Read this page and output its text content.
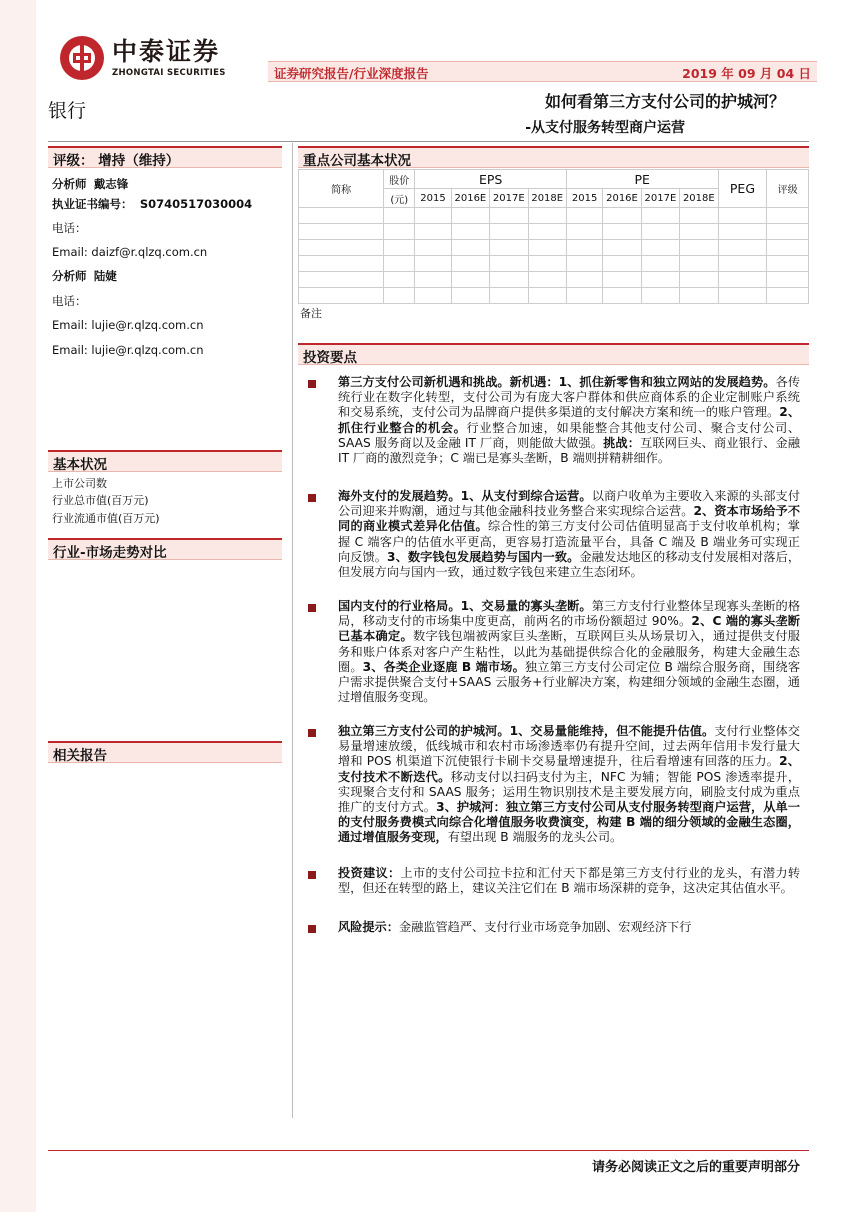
中泰证券
ZHONGTAI SECURITIES	证券研究报告/行业深度报告	2019 年 09 月 04 日
银行	如何看第三方支付公司的护城河？
-从支付服务转型商户运营
评级： 增持（维持）
分析师 戴志锋
执业证书编号： S0740517030004
电话：
Email: daizf@r.qlzq.com.cn
分析师 陆婕
电话：
Email: lujie@r.qlzq.com.cn
Email: lujie@r.qlzq.com.cn
基本状况
上市公司数
行业总市值(百万元)
行业流通市值(百万元)
行业-市场走势对比
相关报告
重点公司基本状况
简称	股价	EPS				PE				PEG	评级
	(元)	2015	2016E	2017E	2018E	2015	2016E	2017E	2018E		

备注
投资要点
第三方支付公司新机遇和挑战。新机遇：1、抓住新零售和独立网站的发展趋势。各传统行业在数字化转型，支付公司为有庞大客户群体和供应商体系的企业定制账户系统和交易系统，支付公司为品牌商户提供多渠道的支付解决方案和统一的账户管理。2、抓住行业整合的机会。行业整合加速，如果能整合其他支付公司、聚合支付公司、SAAS 服务商以及金融 IT 厂商，则能做大做强。挑战：互联网巨头、商业银行、金融 IT 厂商的激烈竞争；C 端已是寡头垄断，B 端则拼精耕细作。
海外支付的发展趋势。1、从支付到综合运营。以商户收单为主要收入来源的头部支付公司迎来并购潮，通过与其他金融科技业务整合来实现综合运营。2、资本市场给予不同的商业模式差异化估值。综合性的第三方支付公司估值明显高于支付收单机构；掌握 C 端客户的估值水平更高，更容易打造流量平台，具备 C 端及 B 端业务可实现正向反馈。3、数字钱包发展趋势与国内一致。金融发达地区的移动支付发展相对落后，但发展方向与国内一致，通过数字钱包来建立生态闭环。
国内支付的行业格局。1、交易量的寡头垄断。第三方支付行业整体呈现寡头垄断的格局，移动支付的市场集中度更高，前两名的市场份额超过 90%。2、C 端的寡头垄断已基本确定。数字钱包端被两家巨头垄断，互联网巨头从场景切入，通过提供支付服务和账户体系对客户产生粘性，以此为基础提供综合化的金融服务，构建大金融生态圈。3、各类企业逐鹿 B 端市场。独立第三方支付公司定位 B 端综合服务商，围绕客户需求提供聚合支付+SAAS 云服务+行业解决方案，构建细分领域的金融生态圈，通过增值服务变现。
独立第三方支付公司的护城河。1、交易量能维持，但不能提升估值。支付行业整体交易量增速放缓，低线城市和农村市场渗透率仍有提升空间，过去两年信用卡发行量大增和 POS 机渠道下沉使银行卡刷卡交易量增速提升，往后看增速有回落的压力。2、支付技术不断迭代。移动支付以扫码支付为主，NFC 为辅；智能 POS 渗透率提升，实现聚合支付和 SAAS 服务；运用生物识别技术是主要发展方向，刷脸支付成为重点推广的支付方式。3、护城河：独立第三方支付公司从支付服务转型商户运营，从单一的支付服务费模式向综合化增值服务收费演变，构建 B 端的细分领域的金融生态圈，通过增值服务变现，有望出现 B 端服务的龙头公司。
投资建议：上市的支付公司拉卡拉和汇付天下都是第三方支付行业的龙头，有潜力转型，但还在转型的路上，建议关注它们在 B 端市场深耕的竞争，这决定其估值水平。
风险提示：金融监管趋严、支付行业市场竞争加剧、宏观经济下行
请务必阅读正文之后的重要声明部分
